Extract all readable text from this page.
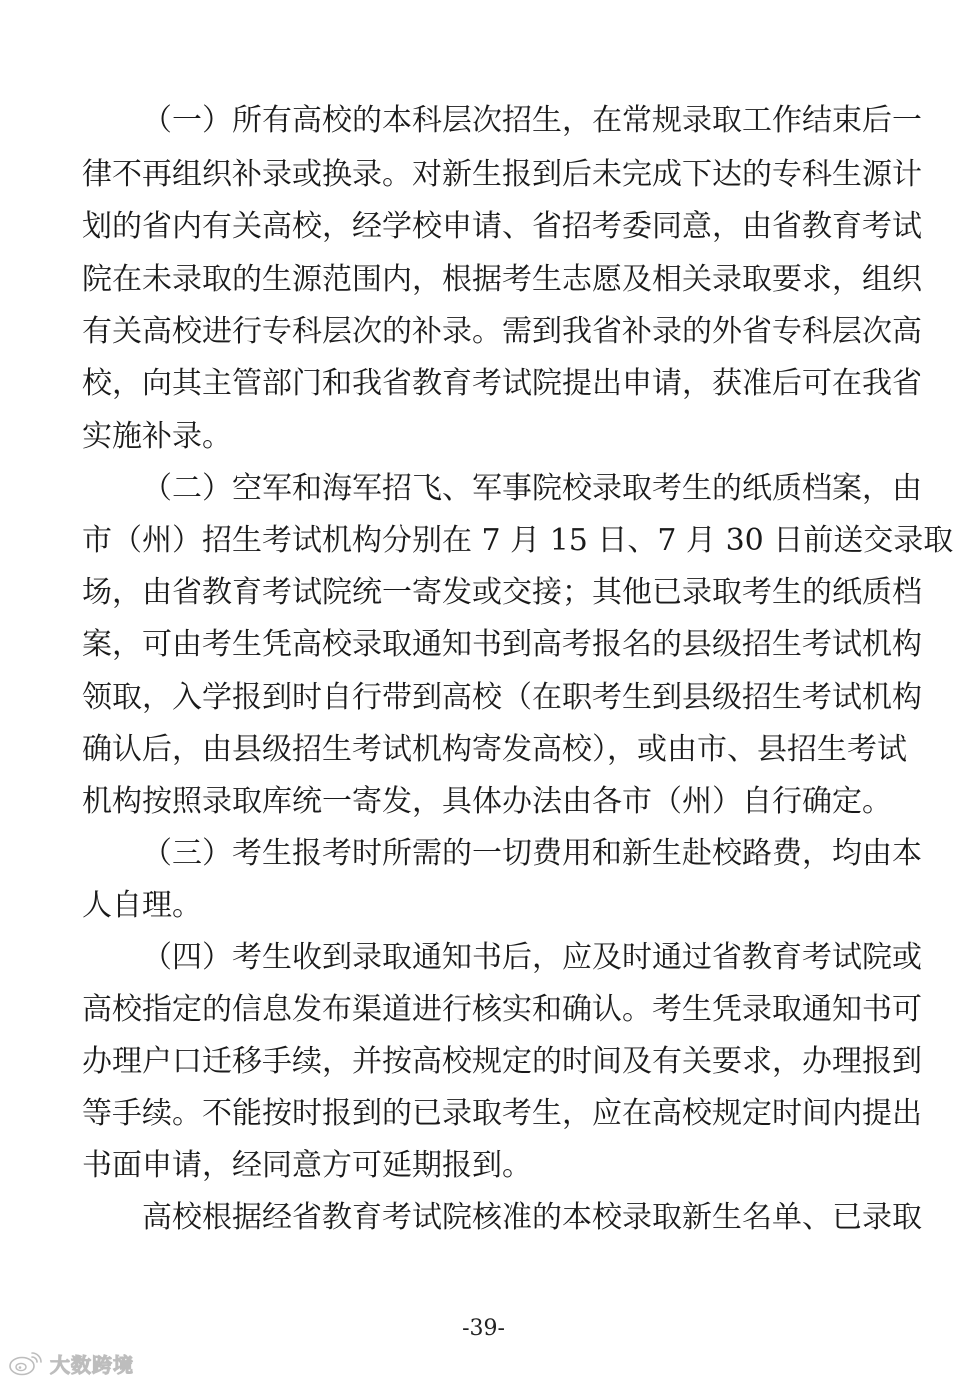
（一）所有高校的本科层次招生，在常规录取工作结束后一
律不再组织补录或换录。对新生报到后未完成下达的专科生源计
划的省内有关高校，经学校申请、省招考委同意，由省教育考试
院在未录取的生源范围内，根据考生志愿及相关录取要求，组织
有关高校进行专科层次的补录。需到我省补录的外省专科层次高
校，向其主管部门和我省教育考试院提出申请，获准后可在我省
实施补录。
（二）空军和海军招飞、军事院校录取考生的纸质档案，由
市（州）招生考试机构分别在 7 月 15 日、7 月 30 日前送交录取
场，由省教育考试院统一寄发或交接；其他已录取考生的纸质档
案，可由考生凭高校录取通知书到高考报名的县级招生考试机构
领取，入学报到时自行带到高校（在职考生到县级招生考试机构
确认后，由县级招生考试机构寄发高校），或由市、县招生考试
机构按照录取库统一寄发，具体办法由各市（州）自行确定。
（三）考生报考时所需的一切费用和新生赴校路费，均由本
人自理。
（四）考生收到录取通知书后，应及时通过省教育考试院或
高校指定的信息发布渠道进行核实和确认。考生凭录取通知书可
办理户口迁移手续，并按高校规定的时间及有关要求，办理报到
等手续。不能按时报到的已录取考生，应在高校规定时间内提出
书面申请，经同意方可延期报到。
高校根据经省教育考试院核准的本校录取新生名单、已录取
-39-
大数跨境
